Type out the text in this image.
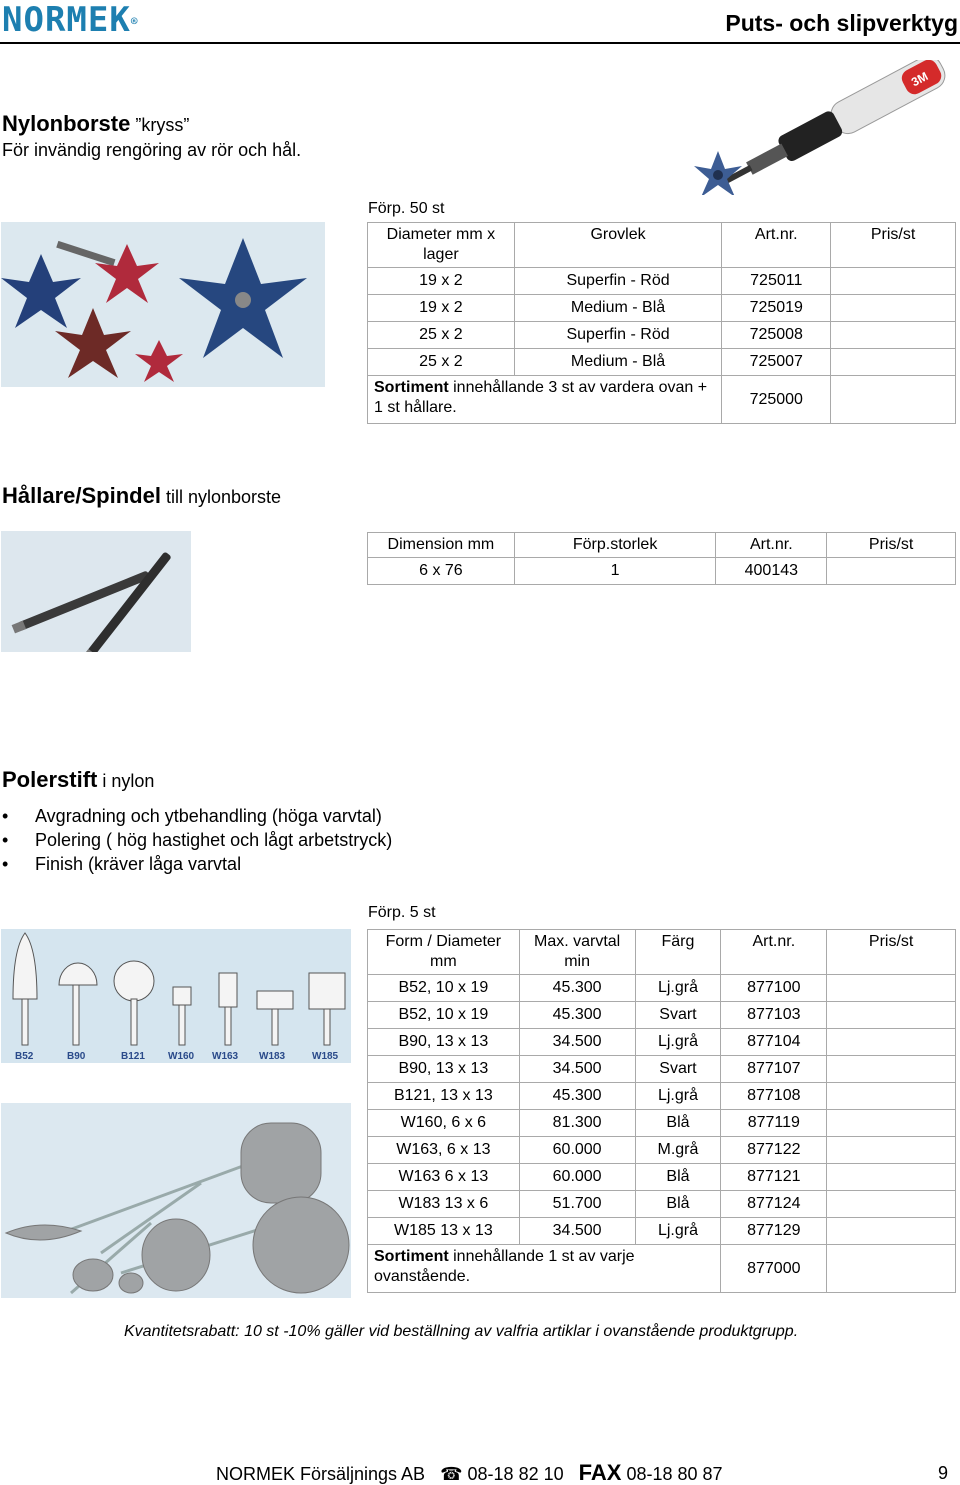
NORMEK®	Puts- och slipverktyg
Nylonborste ”kryss”
För invändig rengöring av rör och hål.
3M
Förp. 50 st
Diameter mm x lager	Grovlek	Art.nr.	Pris/st
19 x 2	Superfin - Röd	725011	
19 x 2	Medium - Blå	725019	
25 x 2	Superfin - Röd	725008	
25 x 2	Medium - Blå	725007	
Sortiment innehållande 3 st av vardera ovan + 1 st hållare.		725000	
Hållare/Spindel till nylonborste
Dimension mm	Förp.storlek	Art.nr.	Pris/st
6 x 76	1	400143	
Polerstift i nylon
• Avgradning och ytbehandling (höga varvtal)
• Polering ( hög hastighet och lågt arbetstryck)
• Finish (kräver låga varvtal
Förp. 5 st
B52	B90	B121 W160 W163 W183	W185
Form / Diameter mm	Max. varvtal min	Färg	Art.nr.	Pris/st
B52, 10 x 19	45.300	Lj.grå	877100	
B52, 10 x 19	45.300	Svart	877103	
B90, 13 x 13	34.500	Lj.grå	877104	
B90, 13 x 13	34.500	Svart	877107	
B121, 13 x 13	45.300	Lj.grå	877108	
W160, 6 x 6	81.300	Blå	877119	
W163, 6 x 13	60.000	M.grå	877122	
W163 6 x 13	60.000	Blå	877121	
W183 13 x 6	51.700	Blå	877124	
W185 13 x 13	34.500	Lj.grå	877129	
Sortiment innehållande 1 st av varje ovanstående.			877000	
Kvantitetsrabatt: 10 st -10% gäller vid beställning av valfria artiklar i ovanstående produktgrupp.
NORMEK Försäljnings AB ☎ 08-18 82 10 FAX 08-18 80 87	9
